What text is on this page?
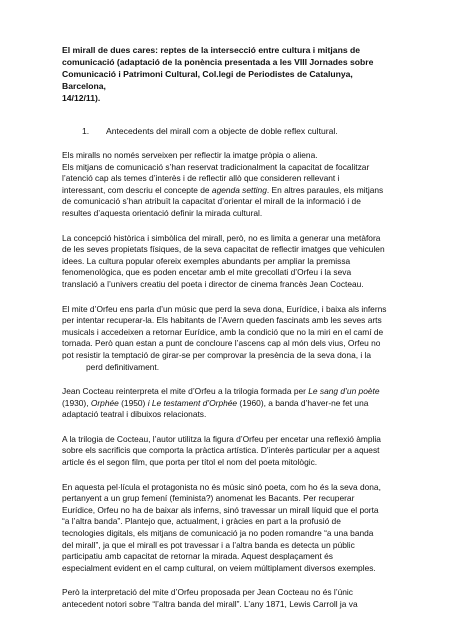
El mirall de dues cares: reptes de la intersecció entre cultura i mitjans de
comunicació (adaptació de la ponència presentada a les VIII Jornades sobre
Comunicació i Patrimoni Cultural, Col.legi de Periodistes de Catalunya, Barcelona,
14/12/11).
1.	Antecedents del mirall com a objecte de doble reflex cultural.
Els miralls no només serveixen per reflectir la imatge pròpia o aliena.
Els mitjans de comunicació s’han reservat tradicionalment la capacitat de focalitzar
l’atenció cap als temes d’interès i de reflectir allò que consideren rellevant i
interessant, com descriu el concepte de agenda setting. En altres paraules, els mitjans
de comunicació s’han atribuït la capacitat d’orientar el mirall de la informació i de
resultes d’aquesta orientació definir la mirada cultural.
La concepció històrica i simbòlica del mirall, però, no es limita a generar una metàfora
de les seves propietats físiques, de la seva capacitat de reflectir imatges que vehiculen
idees. La cultura popular ofereix exemples abundants per ampliar la premissa
fenomenològica, que es poden encetar amb el mite grecollati d’Orfeu i la seva
translació a l’univers creatiu del poeta i director de cinema francès Jean Cocteau.
El mite d’Orfeu ens parla d’un músic que perd la seva dona, Eurídice, i baixa als inferns
per intentar recuperar-la. Els habitants de l’Avern queden fascinats amb les seves arts
musicals i accedeixen a retornar Eurídice, amb la condició que no la miri en el camí de
tornada. Però quan estan a punt de concloure l’ascens cap al món dels vius, Orfeu no
pot resistir la temptació de girar-se per comprovar la presència de la seva dona, i la
perd definitivament.
Jean Cocteau reinterpreta el mite d’Orfeu a la trilogia formada per Le sang d’un poète
(1930), Orphée (1950) i Le testament d’Orphée (1960), a banda d’haver-ne fet una
adaptació teatral i dibuixos relacionats.
A la trilogia de Cocteau, l’autor utilitza la figura d’Orfeu per encetar una reflexió àmplia
sobre els sacrificis que comporta la pràctica artística. D’interès particular per a aquest
article és el segon film, que porta per títol el nom del poeta mitològic.
En aquesta pel·lícula el protagonista no és músic sinó poeta, com ho és la seva dona,
pertanyent a un grup femení (feminista?) anomenat les Bacants. Per recuperar
Eurídice, Orfeu no ha de baixar als inferns, sinó travessar un mirall líquid que el porta
“a l’altra banda”. Plantejo que, actualment, i gràcies en part a la profusió de
tecnologies digitals, els mitjans de comunicació ja no poden romandre “a una banda
del mirall”, ja que el mirall es pot travessar i a l’altra banda es detecta un públic
participatiu amb capacitat de retornar la mirada. Aquest desplaçament és
especialment evident en el camp cultural, on veiem múltiplament diversos exemples.
Però la interpretació del mite d’Orfeu proposada per Jean Cocteau no és l’únic
antecedent notori sobre “l’altra banda del mirall”. L’any 1871, Lewis Carroll ja va
